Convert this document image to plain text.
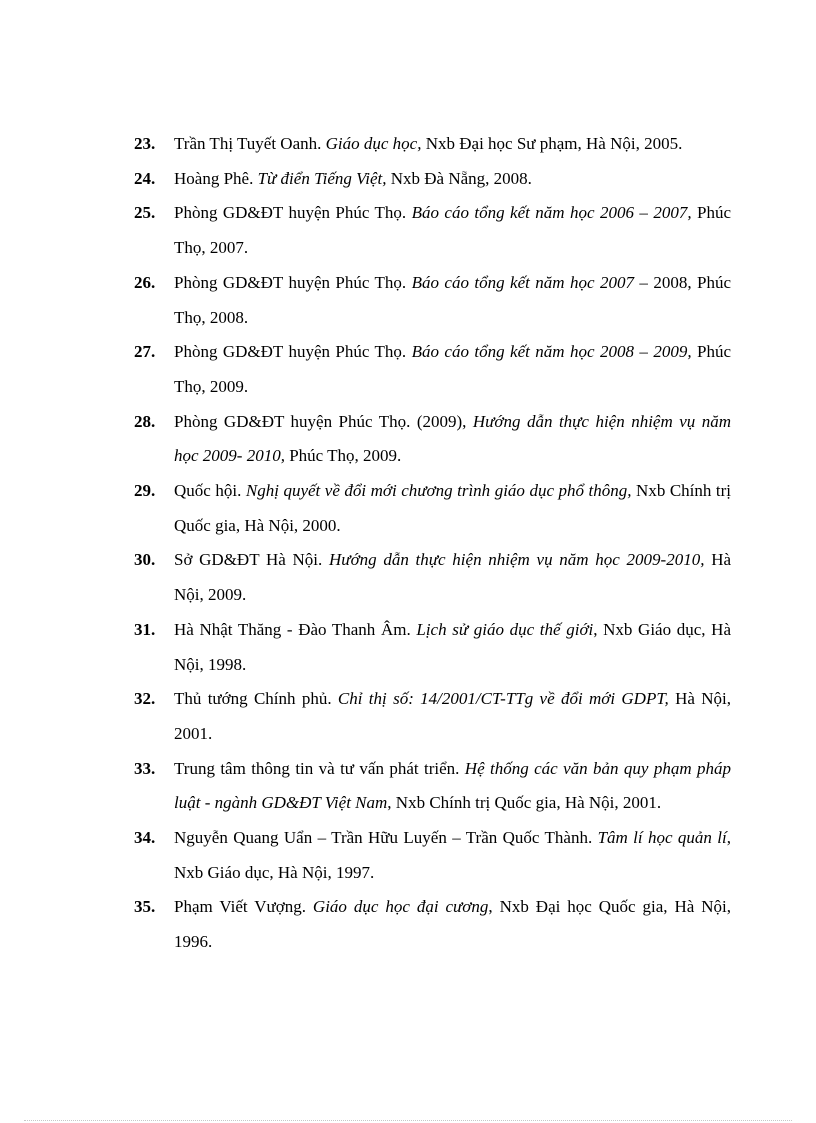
23. Trần Thị Tuyết Oanh. Giáo dục học, Nxb Đại học Sư phạm, Hà Nội, 2005.
24. Hoàng Phê. Từ điển Tiếng Việt, Nxb Đà Nẵng, 2008.
25. Phòng GD&ĐT huyện Phúc Thọ. Báo cáo tổng kết năm học 2006 – 2007, Phúc Thọ, 2007.
26. Phòng GD&ĐT huyện Phúc Thọ. Báo cáo tổng kết năm học 2007 – 2008, Phúc Thọ, 2008.
27. Phòng GD&ĐT huyện Phúc Thọ. Báo cáo tổng kết năm học 2008 – 2009, Phúc Thọ, 2009.
28. Phòng GD&ĐT huyện Phúc Thọ. (2009), Hướng dẫn thực hiện nhiệm vụ năm học 2009- 2010, Phúc Thọ, 2009.
29. Quốc hội. Nghị quyết về đổi mới chương trình giáo dục phổ thông, Nxb Chính trị Quốc gia, Hà Nội, 2000.
30. Sở GD&ĐT Hà Nội. Hướng dẫn thực hiện nhiệm vụ năm học 2009-2010, Hà Nội, 2009.
31. Hà Nhật Thăng - Đào Thanh Âm. Lịch sử giáo dục thế giới, Nxb Giáo dục, Hà Nội, 1998.
32. Thủ tướng Chính phủ. Chỉ thị số: 14/2001/CT-TTg về đổi mới GDPT, Hà Nội, 2001.
33. Trung tâm thông tin và tư vấn phát triển. Hệ thống các văn bản quy phạm pháp luật - ngành GD&ĐT Việt Nam, Nxb Chính trị Quốc gia, Hà Nội, 2001.
34. Nguyễn Quang Uẩn – Trần Hữu Luyến – Trần Quốc Thành. Tâm lí học quản lí, Nxb Giáo dục, Hà Nội, 1997.
35. Phạm Viết Vượng. Giáo dục học đại cương, Nxb Đại học Quốc gia, Hà Nội, 1996.
